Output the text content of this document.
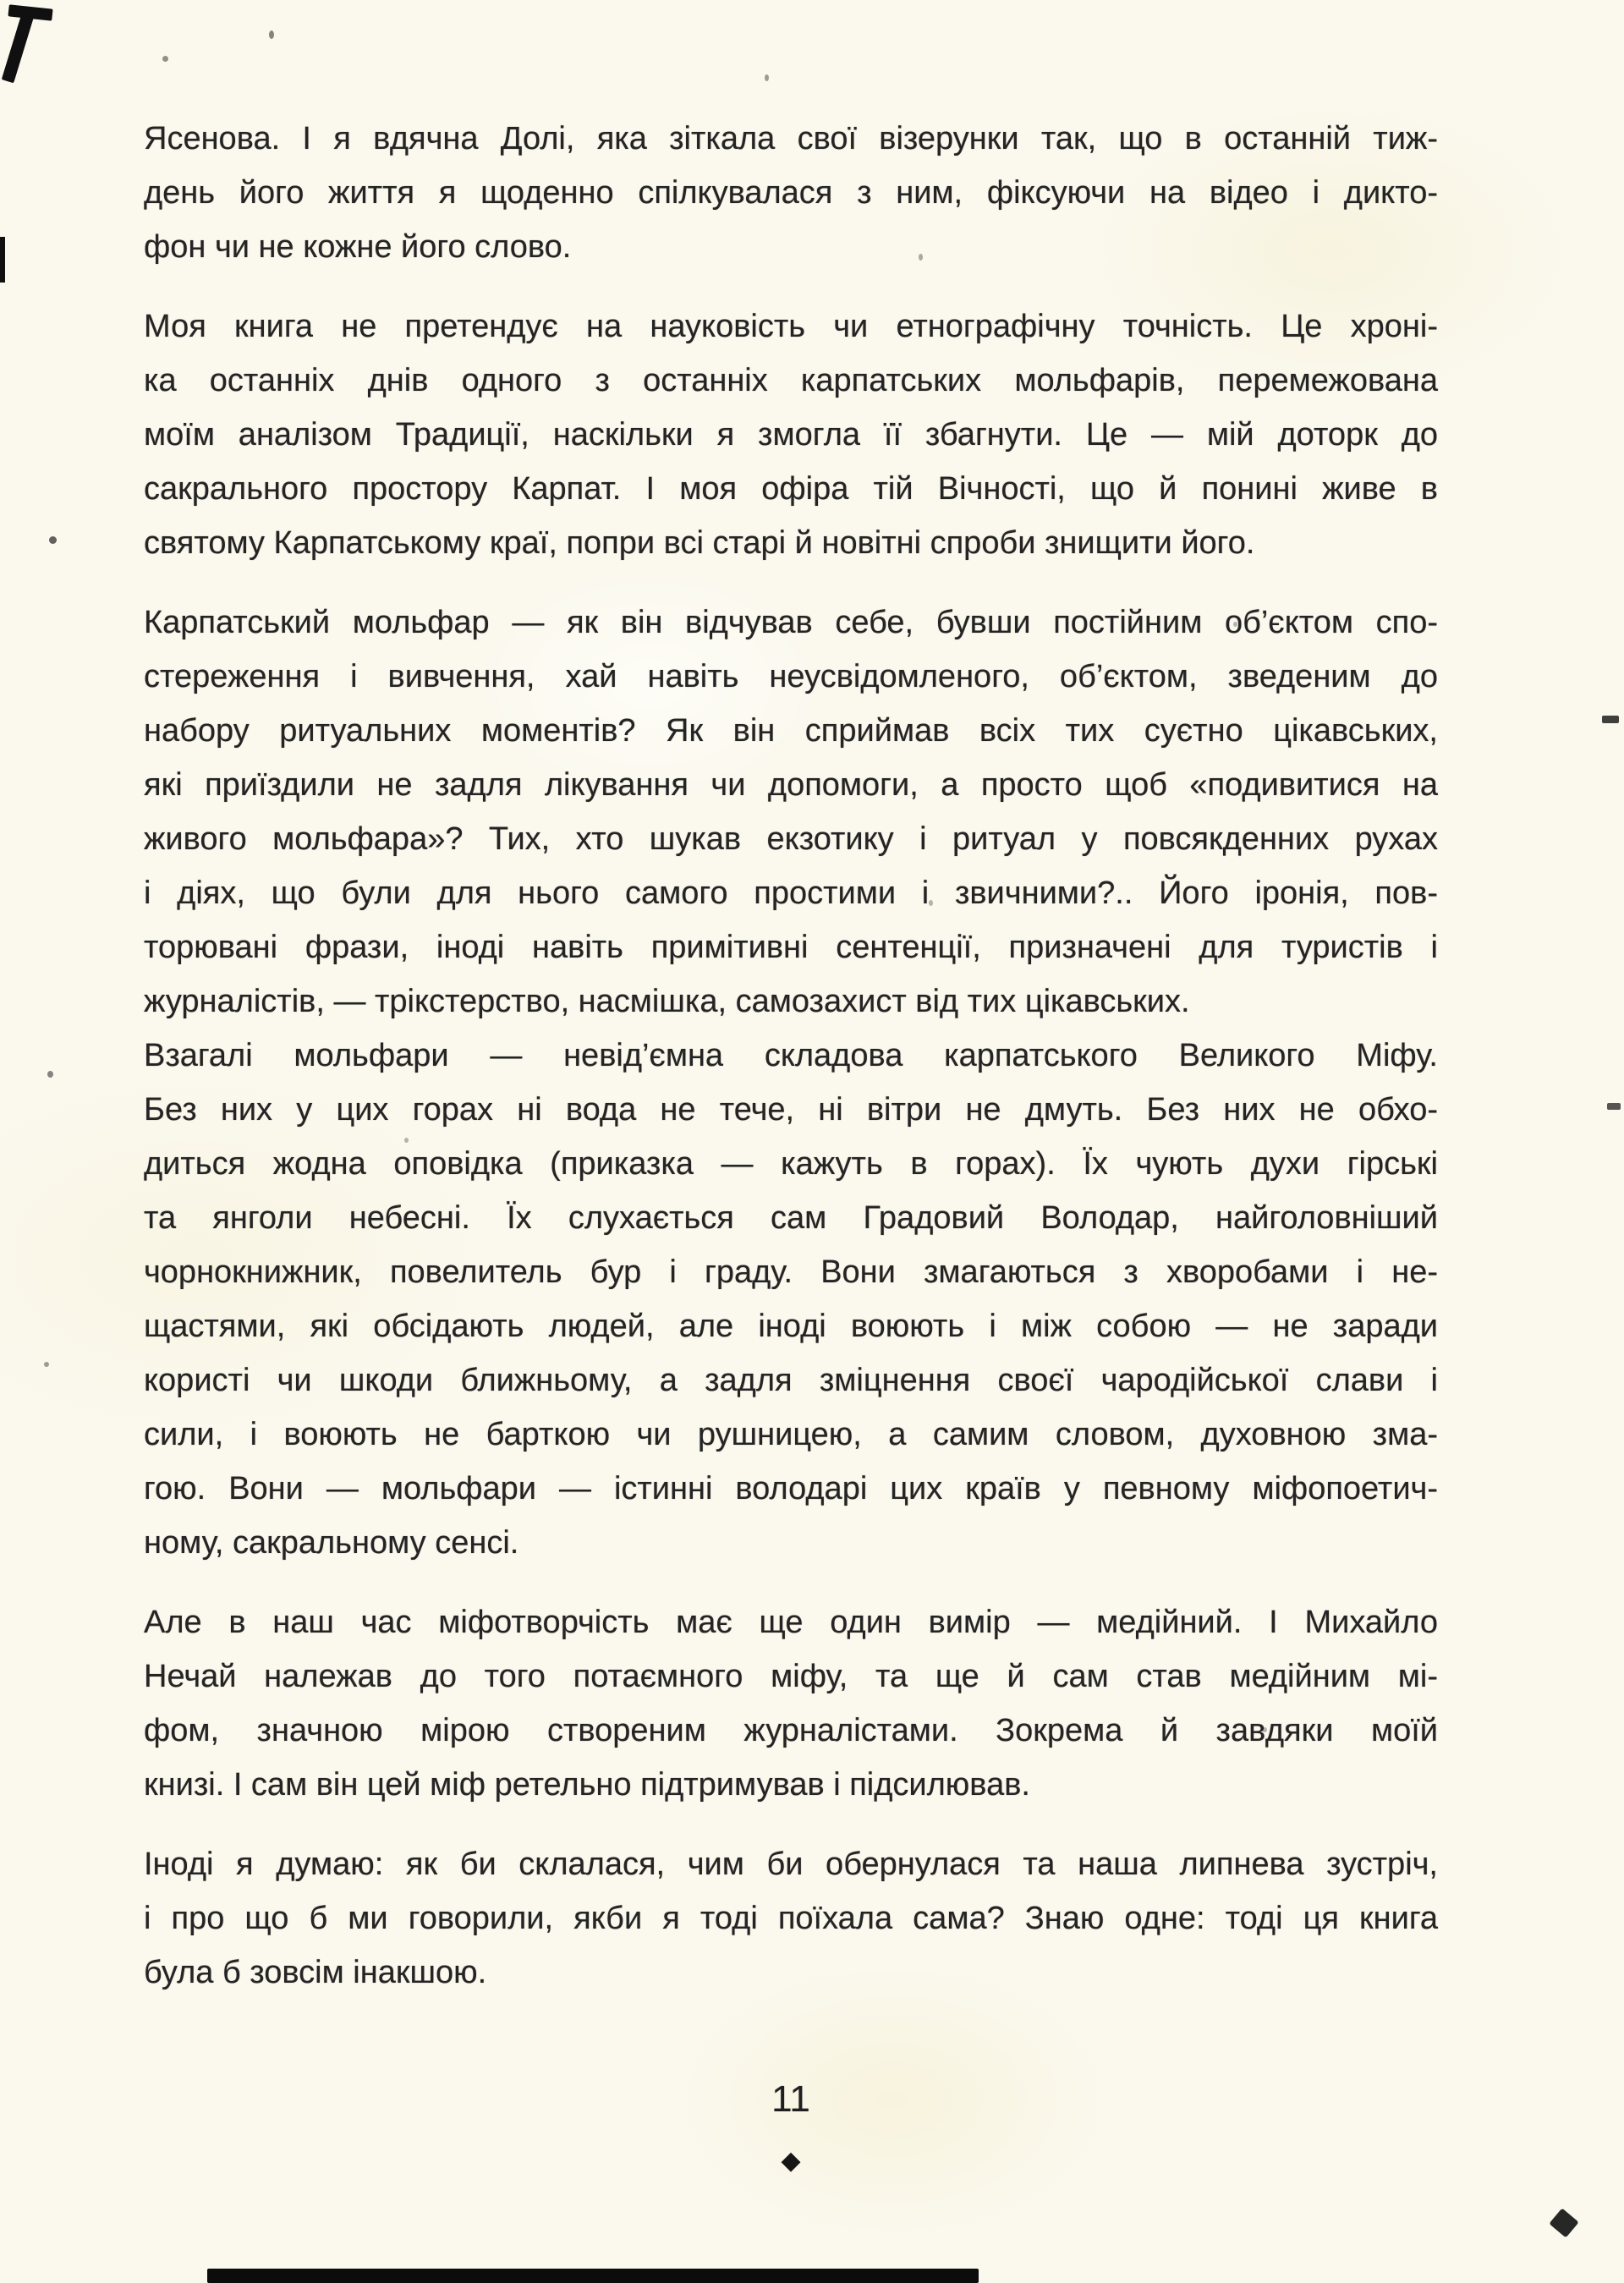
Ясенова. І я вдячна Долі, яка зіткала свої візерунки так, що в останній тиж-
день його життя я щоденно спілкувалася з ним, фіксуючи на відео і дикто-
фон чи не кожне його слово.
Моя книга не претендує на науковість чи етнографічну точність. Це хроні-
ка останніх днів одного з останніх карпатських мольфарів, перемежована
моїм аналізом Традиції, наскільки я змогла її збагнути. Це — мій доторк до
сакрального простору Карпат. І моя офіра тій Вічності, що й понині живе в
святому Карпатському краї, попри всі старі й новітні спроби знищити його.
Карпатський мольфар — як він відчував себе, бувши постійним об’єктом спо-
стереження і вивчення, хай навіть неусвідомленого, об’єктом, зведеним до
набору ритуальних моментів? Як він сприймав всіх тих суєтно цікавських,
які приїздили не задля лікування чи допомоги, а просто щоб «подивитися на
живого мольфара»? Тих, хто шукав екзотику і ритуал у повсякденних рухах
і діях, що були для нього самого простими і звичними?.. Його іронія, пов-
торювані фрази, іноді навіть примітивні сентенції, призначені для туристів і
журналістів, — трікстерство, насмішка, самозахист від тих цікавських.
Взагалі мольфари — невід’ємна складова карпатського Великого Міфу.
Без них у цих горах ні вода не тече, ні вітри не дмуть. Без них не обхо-
диться жодна оповідка (приказка — кажуть в горах). Їх чують духи гірські
та янголи небесні. Їх слухається сам Градовий Володар, найголовніший
чорнокнижник, повелитель бур і граду. Вони змагаються з хворобами і не-
щастями, які обсідають людей, але іноді воюють і між собою — не заради
користі чи шкоди ближньому, а задля зміцнення своєї чародійської слави і
сили, і воюють не барткою чи рушницею, а самим словом, духовною зма-
гою. Вони — мольфари — істинні володарі цих країв у певному міфопоетич-
ному, сакральному сенсі.
Але в наш час міфотворчість має ще один вимір — медійний. І Михайло
Нечай належав до того потаємного міфу, та ще й сам став медійним мі-
фом, значною мірою створеним журналістами. Зокрема й завдяки моїй
книзі. І сам він цей міф ретельно підтримував і підсилював.
Іноді я думаю: як би склалася, чим би обернулася та наша липнева зустріч,
і про що б ми говорили, якби я тоді поїхала сама? Знаю одне: тоді ця книга
була б зовсім інакшою.
11
◆
